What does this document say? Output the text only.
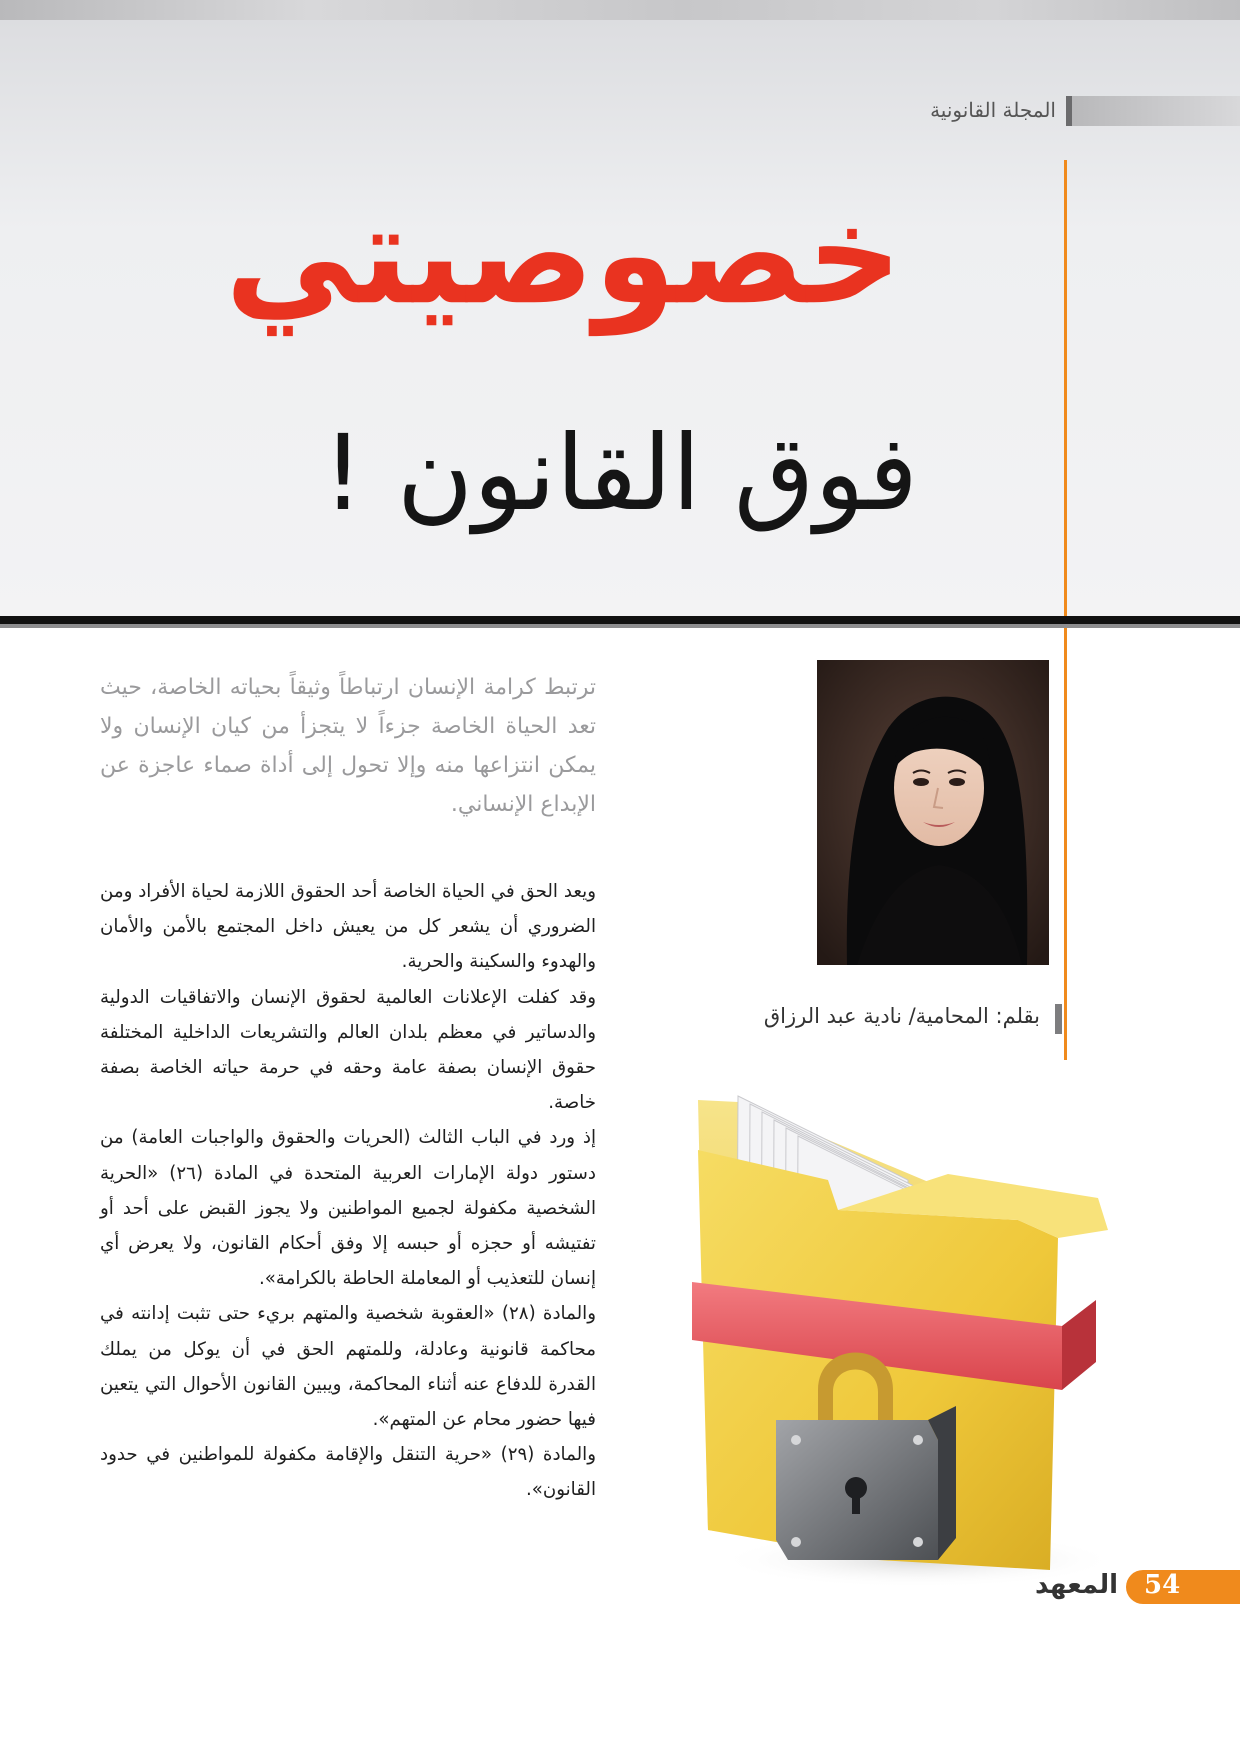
المجلة القانونية
خصوصيتي
فوق القانون !
بقلم: المحامية/ نادية عبد الرزاق
ترتبط كرامة الإنسان ارتباطاً وثيقاً بحياته الخاصة، حيث تعد الحياة الخاصة جزءاً لا يتجزأ من كيان الإنسان ولا يمكن انتزاعها منه وإلا تحول إلى أداة صماء عاجزة عن الإبداع الإنساني.

ويعد الحق في الحياة الخاصة أحد الحقوق اللازمة لحياة الأفراد ومن الضروري أن يشعر كل من يعيش داخل المجتمع بالأمن والأمان والهدوء والسكينة والحرية.

وقد كفلت الإعلانات العالمية لحقوق الإنسان والاتفاقيات الدولية والدساتير في معظم بلدان العالم والتشريعات الداخلية المختلفة حقوق الإنسان بصفة عامة وحقه في حرمة حياته الخاصة بصفة خاصة.

إذ ورد في الباب الثالث (الحريات والحقوق والواجبات العامة) من دستور دولة الإمارات العربية المتحدة في المادة (٢٦) «الحرية الشخصية مكفولة لجميع المواطنين ولا يجوز القبض على أحد أو تفتيشه أو حجزه أو حبسه إلا وفق أحكام القانون، ولا يعرض أي إنسان للتعذيب أو المعاملة الحاطة بالكرامة».

والمادة (٢٨) «العقوبة شخصية والمتهم بريء حتى تثبت إدانته في محاكمة قانونية وعادلة، وللمتهم الحق في أن يوكل من يملك القدرة للدفاع عنه أثناء المحاكمة، ويبين القانون الأحوال التي يتعين فيها حضور محام عن المتهم».

والمادة (٢٩) «حرية التنقل والإقامة مكفولة للمواطنين في حدود القانون».

54
المعهد
